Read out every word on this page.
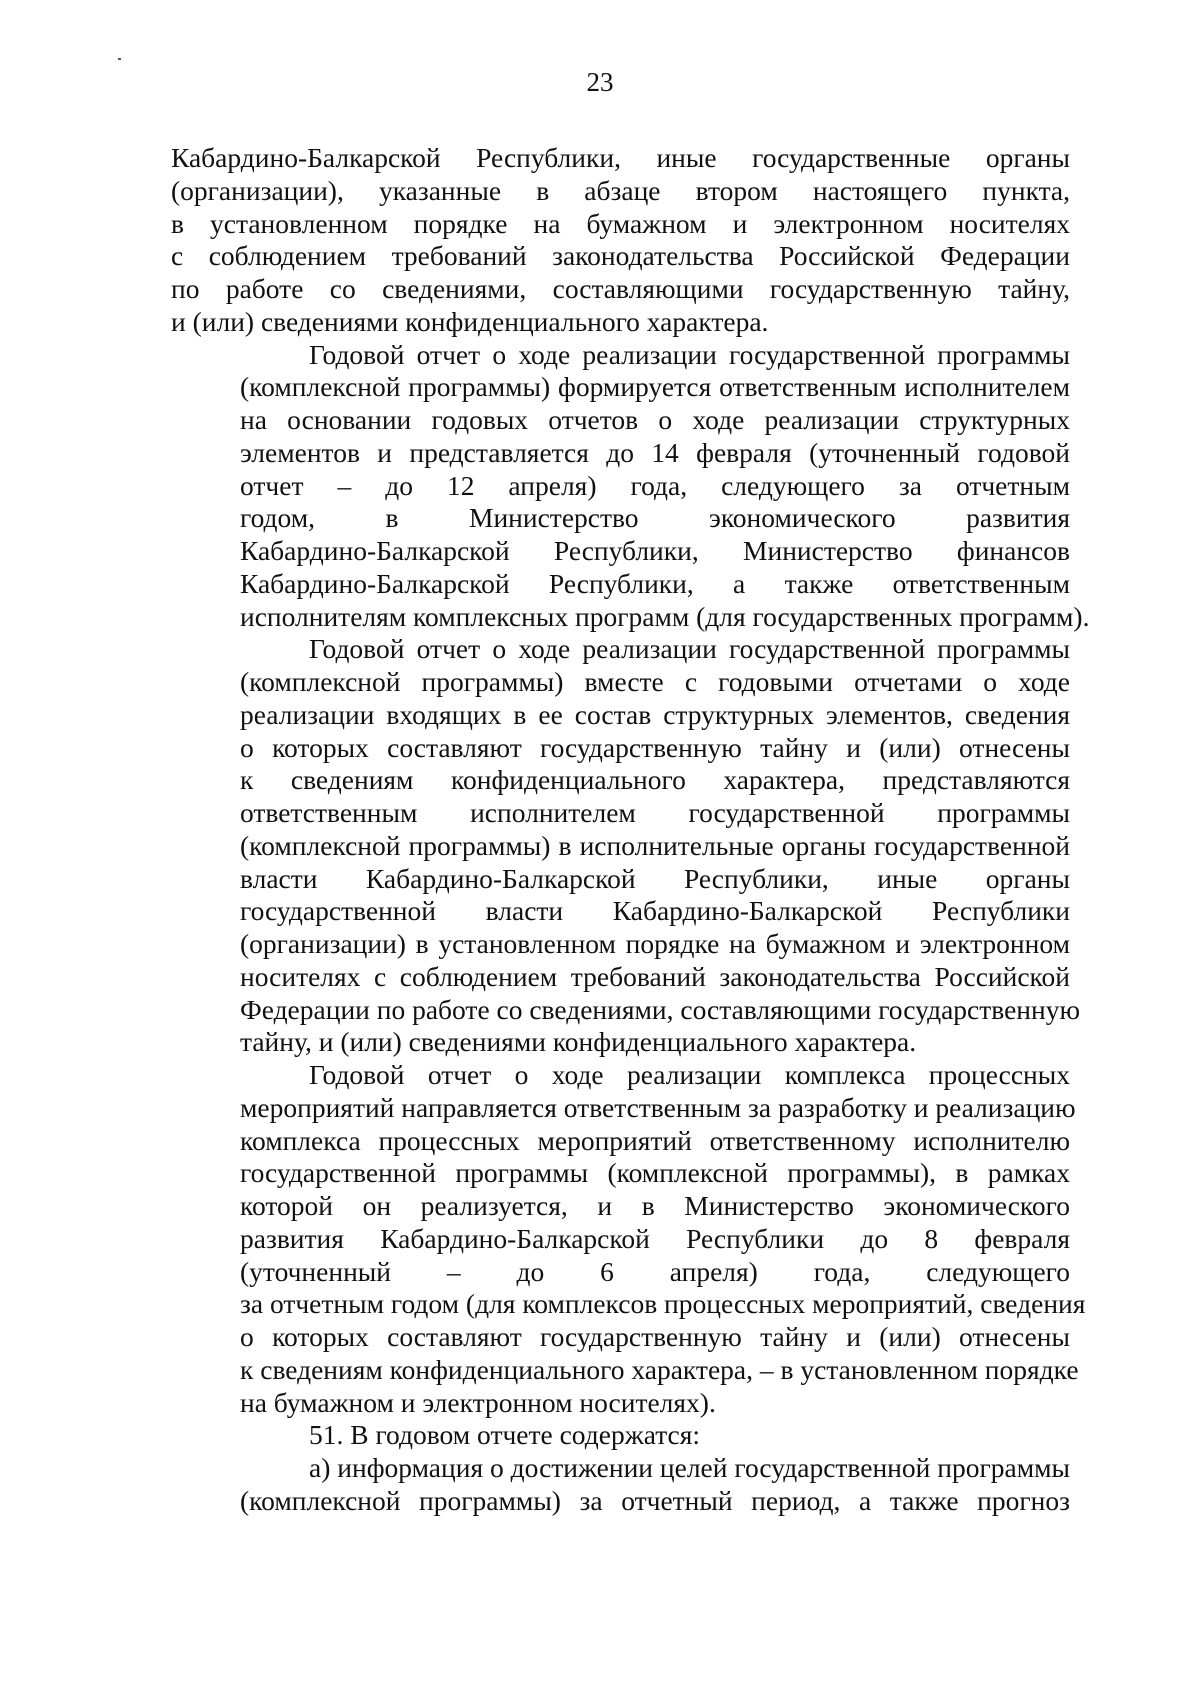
23

Кабардино-Балкарской Республики, иные государственные органы
(организации), указанные в абзаце втором настоящего пункта,
в установленном порядке на бумажном и электронном носителях
с соблюдением требований законодательства Российской Федерации
по работе со сведениями, составляющими государственную тайну,
и (или) сведениями конфиденциального характера.

Годовой отчет о ходе реализации государственной программы
(комплексной программы) формируется ответственным исполнителем
на основании годовых отчетов о ходе реализации структурных
элементов и представляется до 14 февраля (уточненный годовой
отчет – до 12 апреля) года, следующего за отчетным
годом, в Министерство экономического развития
Кабардино-Балкарской Республики, Министерство финансов
Кабардино-Балкарской Республики, а также ответственным
исполнителям комплексных программ (для государственных программ).

Годовой отчет о ходе реализации государственной программы
(комплексной программы) вместе с годовыми отчетами о ходе
реализации входящих в ее состав структурных элементов, сведения
о которых составляют государственную тайну и (или) отнесены
к сведениям конфиденциального характера, представляются
ответственным исполнителем государственной программы
(комплексной программы) в исполнительные органы государственной
власти Кабардино-Балкарской Республики, иные органы
государственной власти Кабардино-Балкарской Республики
(организации) в установленном порядке на бумажном и электронном
носителях с соблюдением требований законодательства Российской
Федерации по работе со сведениями, составляющими государственную
тайну, и (или) сведениями конфиденциального характера.

Годовой отчет о ходе реализации комплекса процессных
мероприятий направляется ответственным за разработку и реализацию
комплекса процессных мероприятий ответственному исполнителю
государственной программы (комплексной программы), в рамках
которой он реализуется, и в Министерство экономического
развития Кабардино-Балкарской Республики до 8 февраля
(уточненный – до 6 апреля) года, следующего
за отчетным годом (для комплексов процессных мероприятий, сведения
о которых составляют государственную тайну и (или) отнесены
к сведениям конфиденциального характера, – в установленном порядке
на бумажном и электронном носителях).

51. В годовом отчете содержатся:

а) информация о достижении целей государственной программы
(комплексной программы) за отчетный период, а также прогноз
